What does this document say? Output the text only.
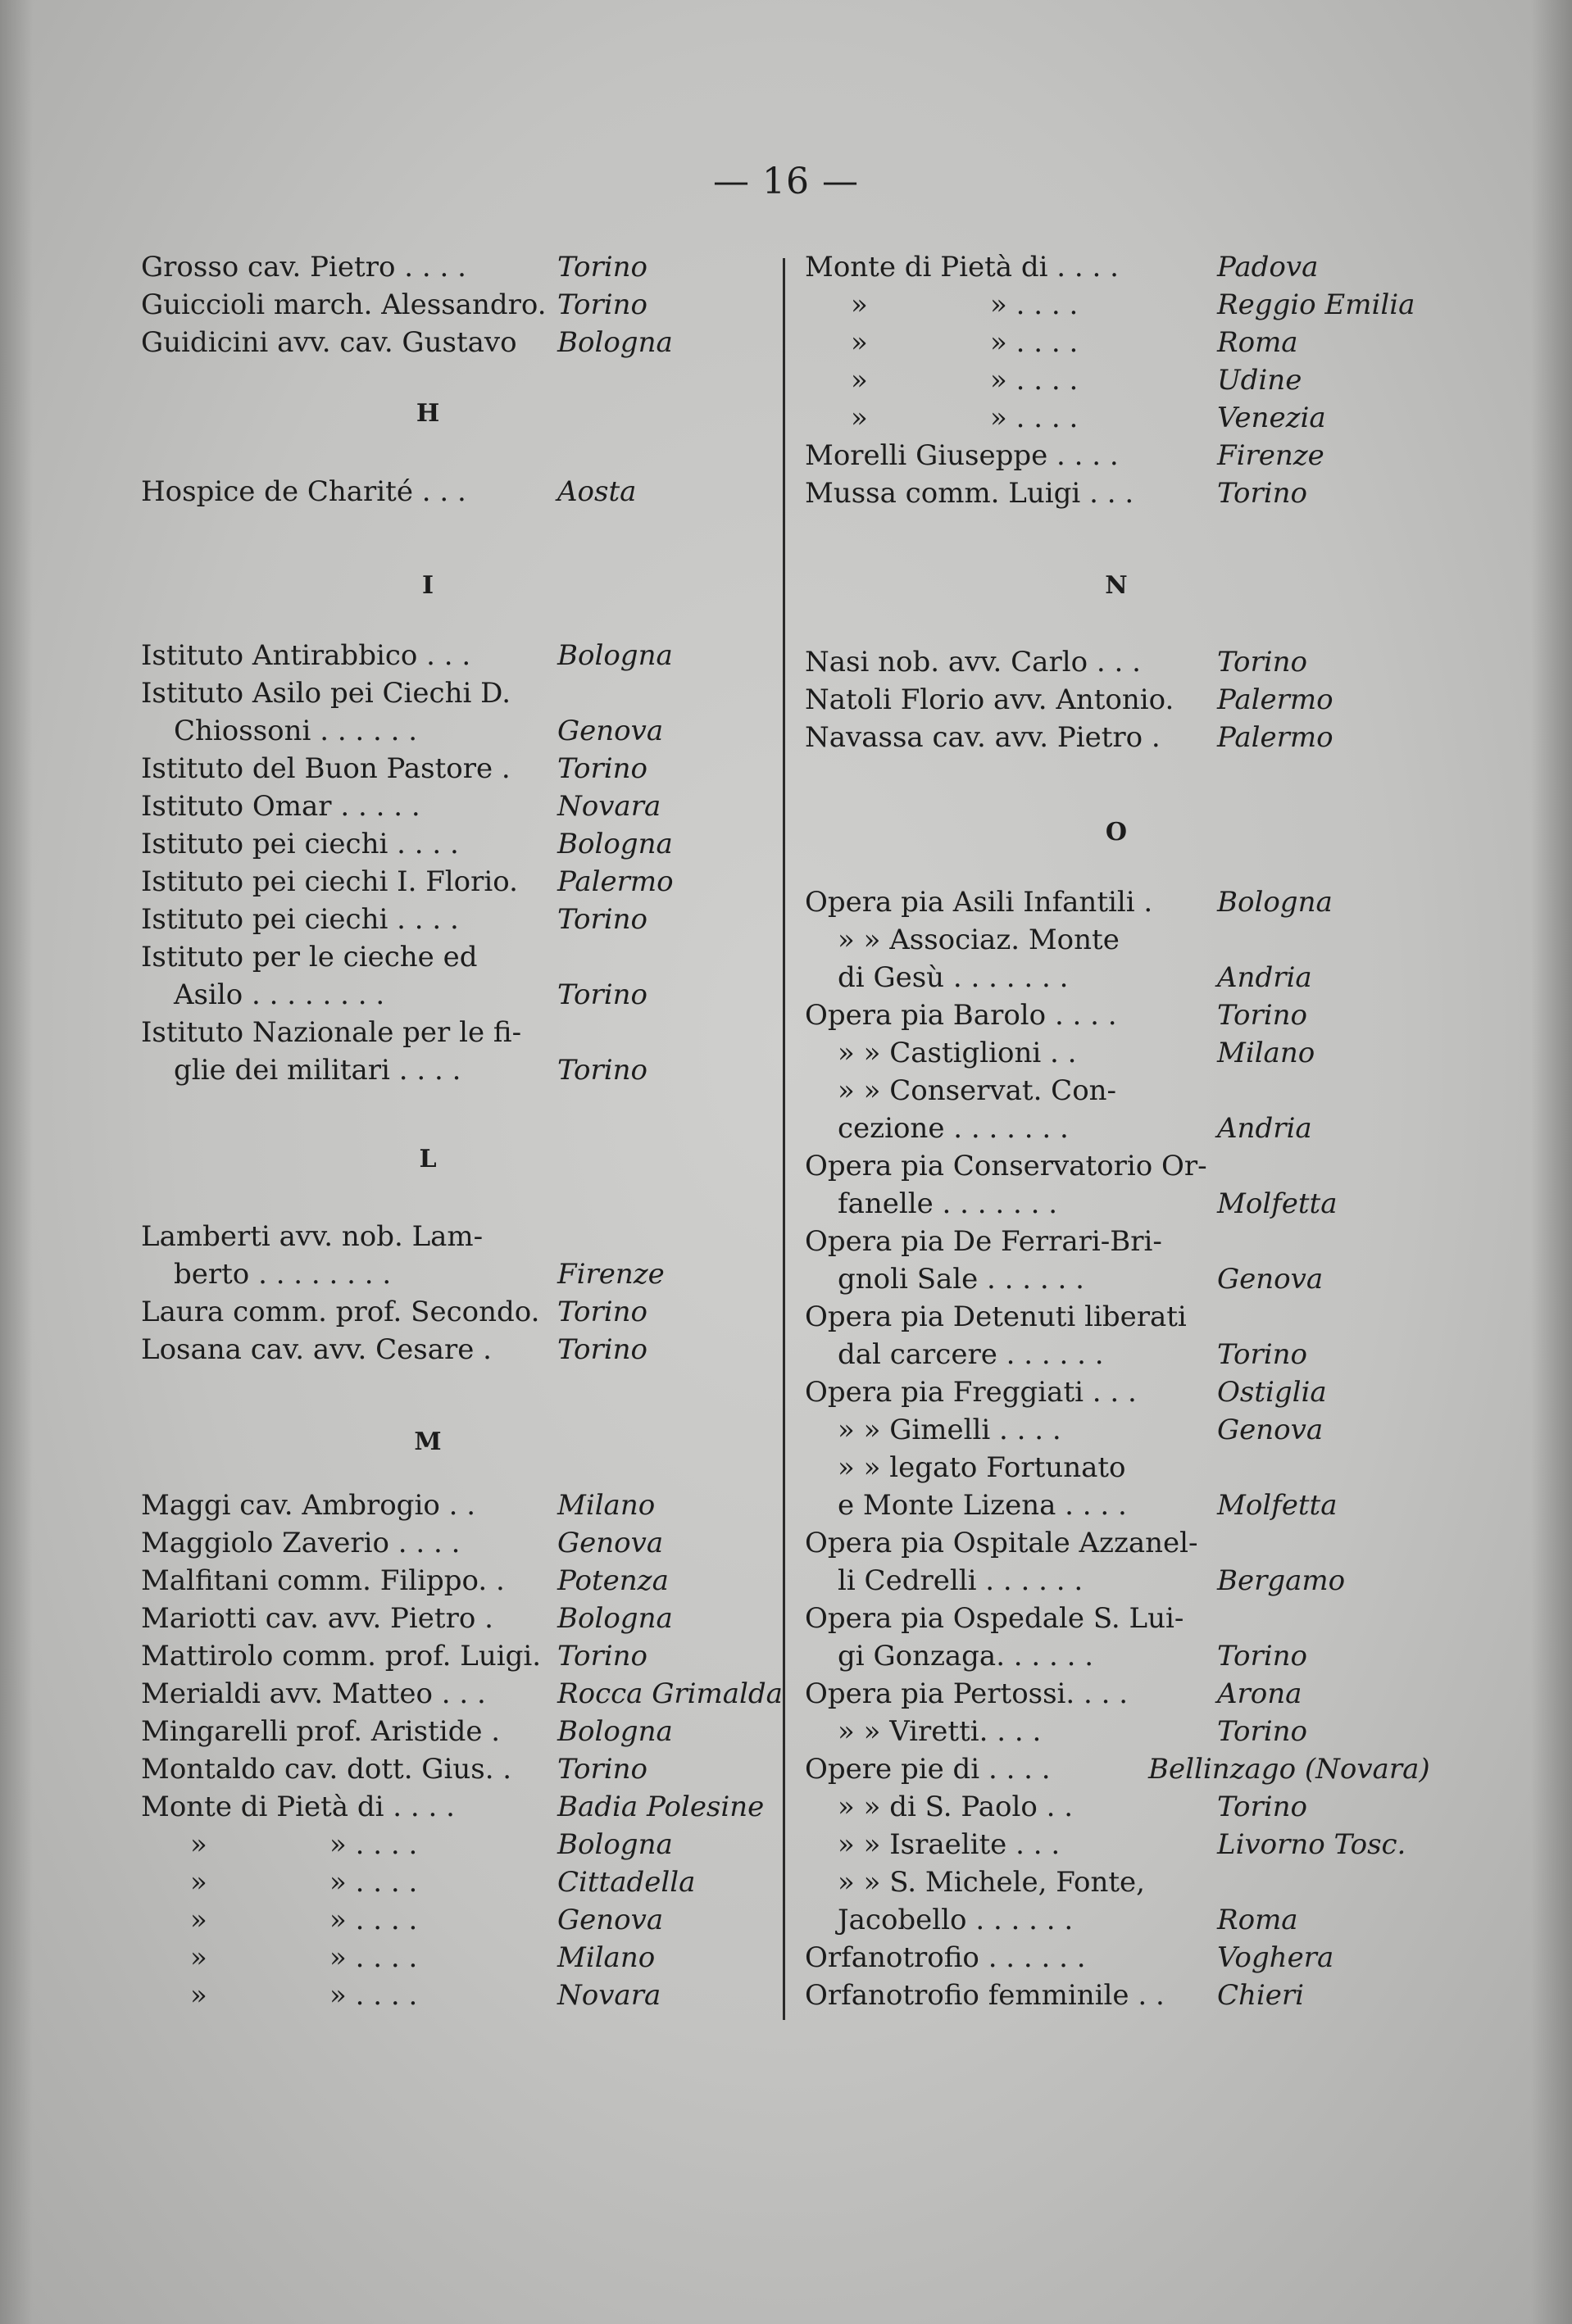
— 16 —
Grosso cav. Pietro . . . .	Torino
Guiccioli march. Alessandro. Torino
Guidicini avv. cav. Gustavo Bologna
H
Hospice de Charité . . .	Aosta
I
Istituto Antirabbico . . .	Bologna
Istituto Asilo pei Ciechi D.
Chiossoni . . . . . .	Genova
Istituto del Buon Pastore . Torino
Istituto Omar . . . . .	Novara
Istituto pei ciechi . . . .	Bologna
Istituto pei ciechi I. Florio. Palermo
Istituto pei ciechi . . . .	Torino
Istituto per le cieche ed
Asilo . . . . . . . .	Torino
Istituto Nazionale per le fi-
glie dei militari . . . .	Torino
L
Lamberti avv. nob. Lam-
berto . . . . . . . .	Firenze
Laura comm. prof. Secondo. Torino
Losana cav. avv. Cesare . Torino
M
Maggi cav. Ambrogio . .	Milano
Maggiolo Zaverio . . . .	Genova
Malfitani comm. Filippo. . Potenza
Mariotti cav. avv. Pietro . Bologna
Mattirolo comm. prof. Luigi. Torino
Merialdi avv. Matteo . . .	Rocca Grimalda
Mingarelli prof. Aristide . Bologna
Montaldo cav. dott. Gius. . Torino
Monte di Pietà di . . . .	Badia Polesine
»	» . . . .	Bologna
»	» . . . .	Cittadella
»	» . . . .	Genova
»	» . . . .	Milano
»	» . . . .	Novara
Monte di Pietà di . . . .	Padova
»	» . . . .	Reggio Emilia
»	» . . . .	Roma
»	» . . . .	Udine
»	» . . . .	Venezia
Morelli Giuseppe . . . .	Firenze
Mussa comm. Luigi . . .	Torino
N
Nasi nob. avv. Carlo . . .	Torino
Natoli Florio avv. Antonio. Palermo
Navassa cav. avv. Pietro . Palermo
O
Opera pia Asili Infantili . Bologna
» » Associaz. Monte
di Gesù . . . . . . .	Andria
Opera pia Barolo . . . .	Torino
» » Castiglioni . .	Milano
» » Conservat. Con-
cezione . . . . . . .	Andria
Opera pia Conservatorio Or-
fanelle . . . . . . .	Molfetta
Opera pia De Ferrari-Bri-
gnoli Sale . . . . . .	Genova
Opera pia Detenuti liberati
dal carcere . . . . . .	Torino
Opera pia Freggiati . . .	Ostiglia
» » Gimelli . . . .	Genova
» » legato Fortunato
e Monte Lizena . . . .	Molfetta
Opera pia Ospitale Azzanel-
li Cedrelli . . . . . .	Bergamo
Opera pia Ospedale S. Lui-
gi Gonzaga. . . . . .	Torino
Opera pia Pertossi. . . .	Arona
» » Viretti. . . .	Torino
Opere pie di . . . .	Bellinzago (Novara)
» » di S. Paolo . .	Torino
» » Israelite . . .	Livorno Tosc.
» » S. Michele, Fonte,
Jacobello . . . . . .	Roma
Orfanotrofio . . . . . .	Voghera
Orfanotrofio femminile . . Chieri
